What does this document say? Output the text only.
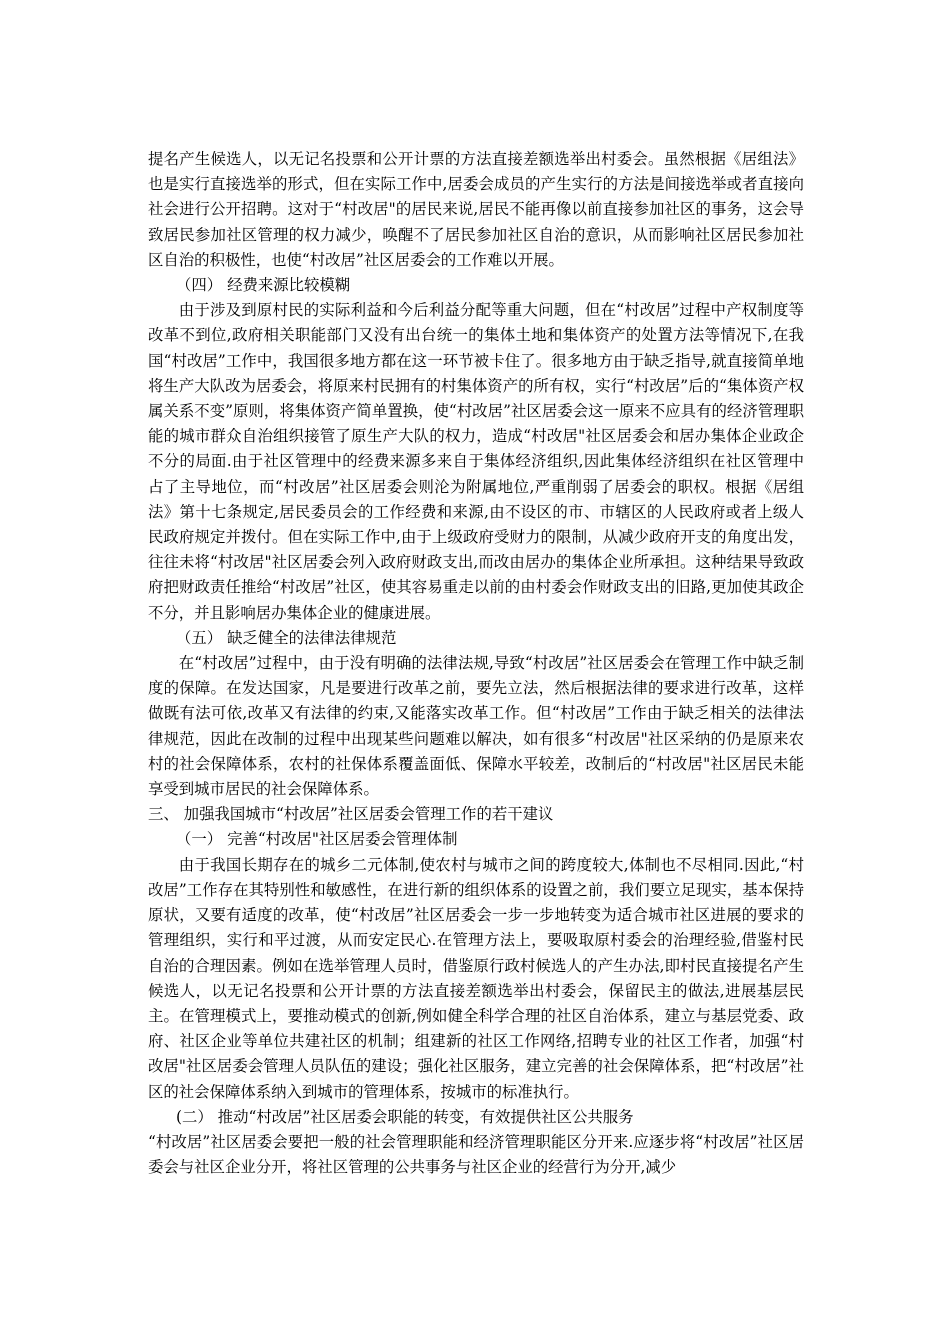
提名产生候选人，以无记名投票和公开计票的方法直接差额选举出村委会。虽然根据《居组法》也是实行直接选举的形式，但在实际工作中,居委会成员的产生实行的方法是间接选举或者直接向社会进行公开招聘。这对于“村改居"的居民来说,居民不能再像以前直接参加社区的事务，这会导致居民参加社区管理的权力减少，唤醒不了居民参加社区自治的意识，从而影响社区居民参加社区自治的积极性，也使“村改居”社区居委会的工作难以开展。

（四） 经费来源比较模糊

由于涉及到原村民的实际利益和今后利益分配等重大问题，但在“村改居”过程中产权制度等改革不到位,政府相关职能部门又没有出台统一的集体土地和集体资产的处置方法等情况下,在我国“村改居”工作中，我国很多地方都在这一环节被卡住了。很多地方由于缺乏指导,就直接简单地将生产大队改为居委会，将原来村民拥有的村集体资产的所有权，实行“村改居”后的“集体资产权属关系不变”原则，将集体资产简单置换，使“村改居”社区居委会这一原来不应具有的经济管理职能的城市群众自治组织接管了原生产大队的权力，造成“村改居"社区居委会和居办集体企业政企不分的局面.由于社区管理中的经费来源多来自于集体经济组织,因此集体经济组织在社区管理中占了主导地位，而“村改居”社区居委会则沦为附属地位,严重削弱了居委会的职权。根据《居组法》第十七条规定,居民委员会的工作经费和来源,由不设区的市、市辖区的人民政府或者上级人民政府规定并拨付。但在实际工作中,由于上级政府受财力的限制，从减少政府开支的角度出发，往往未将“村改居"社区居委会列入政府财政支出,而改由居办的集体企业所承担。这种结果导致政府把财政责任推给“村改居”社区，使其容易重走以前的由村委会作财政支出的旧路,更加使其政企不分，并且影响居办集体企业的健康进展。

（五） 缺乏健全的法律法律规范

在“村改居”过程中，由于没有明确的法律法规,导致“村改居”社区居委会在管理工作中缺乏制度的保障。在发达国家，凡是要进行改革之前，要先立法，然后根据法律的要求进行改革，这样做既有法可依,改革又有法律的约束,又能落实改革工作。但“村改居”工作由于缺乏相关的法律法律规范，因此在改制的过程中出现某些问题难以解决，如有很多“村改居"社区采纳的仍是原来农村的社会保障体系，农村的社保体系覆盖面低、保障水平较差，改制后的“村改居"社区居民未能享受到城市居民的社会保障体系。

三、 加强我国城市“村改居”社区居委会管理工作的若干建议

（一） 完善“村改居"社区居委会管理体制

由于我国长期存在的城乡二元体制,使农村与城市之间的跨度较大,体制也不尽相同.因此,“村改居”工作存在其特别性和敏感性，在进行新的组织体系的设置之前，我们要立足现实，基本保持原状，又要有适度的改革，使“村改居”社区居委会一步一步地转变为适合城市社区进展的要求的管理组织，实行和平过渡，从而安定民心.在管理方法上，要吸取原村委会的治理经验,借鉴村民自治的合理因素。例如在选举管理人员时，借鉴原行政村候选人的产生办法,即村民直接提名产生候选人，以无记名投票和公开计票的方法直接差额选举出村委会，保留民主的做法,进展基层民主。在管理模式上，要推动模式的创新,例如健全科学合理的社区自治体系，建立与基层党委、政府、社区企业等单位共建社区的机制；组建新的社区工作网络,招聘专业的社区工作者，加强“村改居"社区居委会管理人员队伍的建设；强化社区服务，建立完善的社会保障体系，把“村改居”社区的社会保障体系纳入到城市的管理体系，按城市的标准执行。

(二） 推动“村改居”社区居委会职能的转变，有效提供社区公共服务

“村改居”社区居委会要把一般的社会管理职能和经济管理职能区分开来.应逐步将“村改居”社区居委会与社区企业分开，将社区管理的公共事务与社区企业的经营行为分开,减少
